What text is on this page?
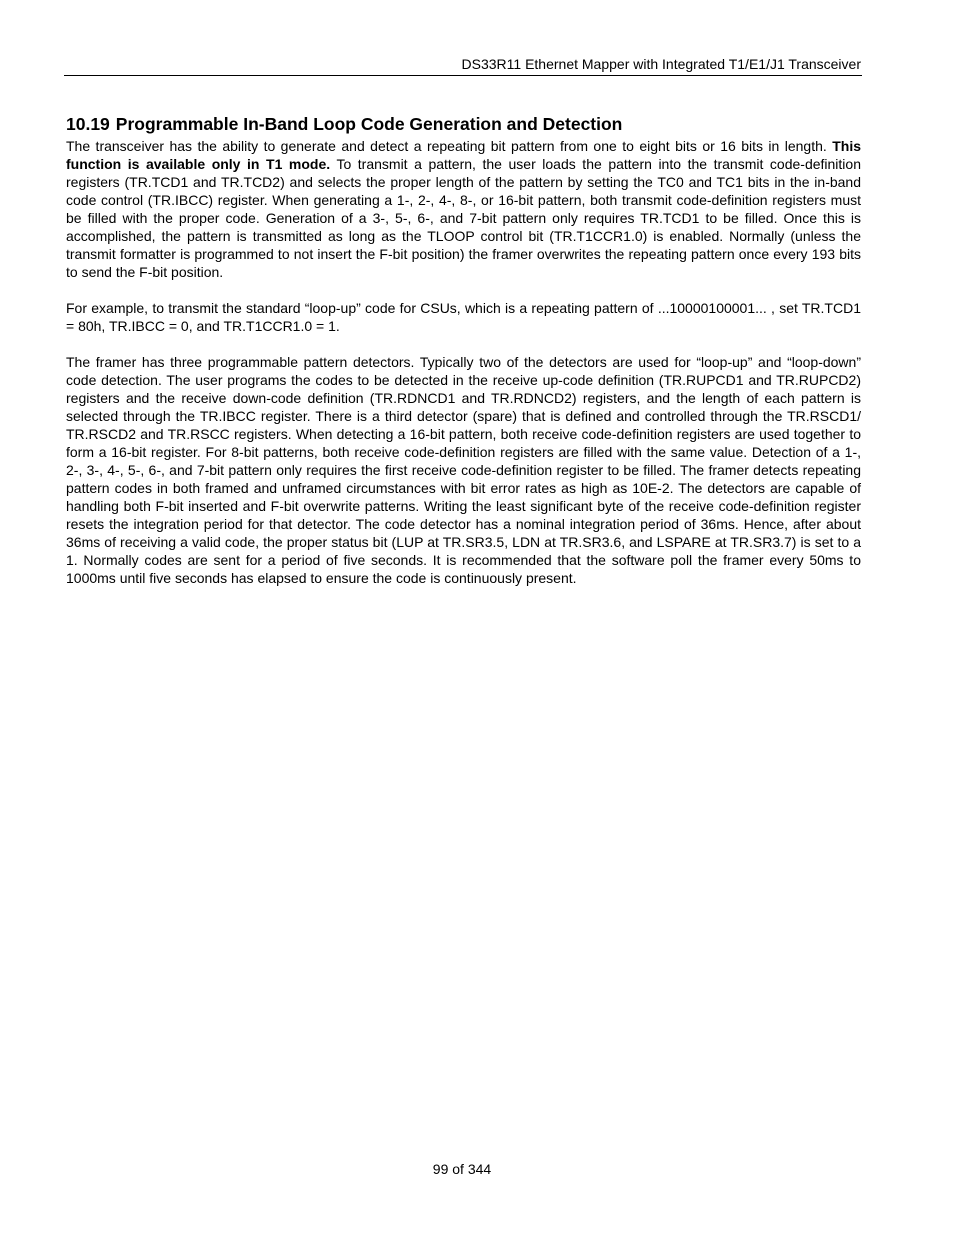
DS33R11 Ethernet Mapper with Integrated T1/E1/J1 Transceiver
10.19 Programmable In-Band Loop Code Generation and Detection

The transceiver has the ability to generate and detect a repeating bit pattern from one to eight bits or 16 bits in length. This function is available only in T1 mode. To transmit a pattern, the user loads the pattern into the transmit code-definition registers (TR.TCD1 and TR.TCD2) and selects the proper length of the pattern by setting the TC0 and TC1 bits in the in-band code control (TR.IBCC) register. When generating a 1-, 2-, 4-, 8-, or 16-bit pattern, both transmit code-definition registers must be filled with the proper code. Generation of a 3-, 5-, 6-, and 7-bit pattern only requires TR.TCD1 to be filled. Once this is accomplished, the pattern is transmitted as long as the TLOOP control bit (TR.T1CCR1.0) is enabled. Normally (unless the transmit formatter is programmed to not insert the F-bit position) the framer overwrites the repeating pattern once every 193 bits to send the F-bit position.

For example, to transmit the standard “loop-up” code for CSUs, which is a repeating pattern of ...10000100001... , set TR.TCD1 = 80h, TR.IBCC = 0, and TR.T1CCR1.0 = 1.

The framer has three programmable pattern detectors. Typically two of the detectors are used for “loop-up” and “loop-down” code detection. The user programs the codes to be detected in the receive up-code definition (TR.RUPCD1 and TR.RUPCD2) registers and the receive down-code definition (TR.RDNCD1 and TR.RDNCD2) registers, and the length of each pattern is selected through the TR.IBCC register. There is a third detector (spare) that is defined and controlled through the TR.RSCD1/ TR.RSCD2 and TR.RSCC registers. When detecting a 16-bit pattern, both receive code-definition registers are used together to form a 16-bit register. For 8-bit patterns, both receive code-definition registers are filled with the same value. Detection of a 1-, 2-, 3-, 4-, 5-, 6-, and 7-bit pattern only requires the first receive code-definition register to be filled. The framer detects repeating pattern codes in both framed and unframed circumstances with bit error rates as high as 10E-2. The detectors are capable of handling both F-bit inserted and F-bit overwrite patterns. Writing the least significant byte of the receive code-definition register resets the integration period for that detector. The code detector has a nominal integration period of 36ms. Hence, after about 36ms of receiving a valid code, the proper status bit (LUP at TR.SR3.5, LDN at TR.SR3.6, and LSPARE at TR.SR3.7) is set to a 1. Normally codes are sent for a period of five seconds. It is recommended that the software poll the framer every 50ms to 1000ms until five seconds has elapsed to ensure the code is continuously present.

99 of 344
